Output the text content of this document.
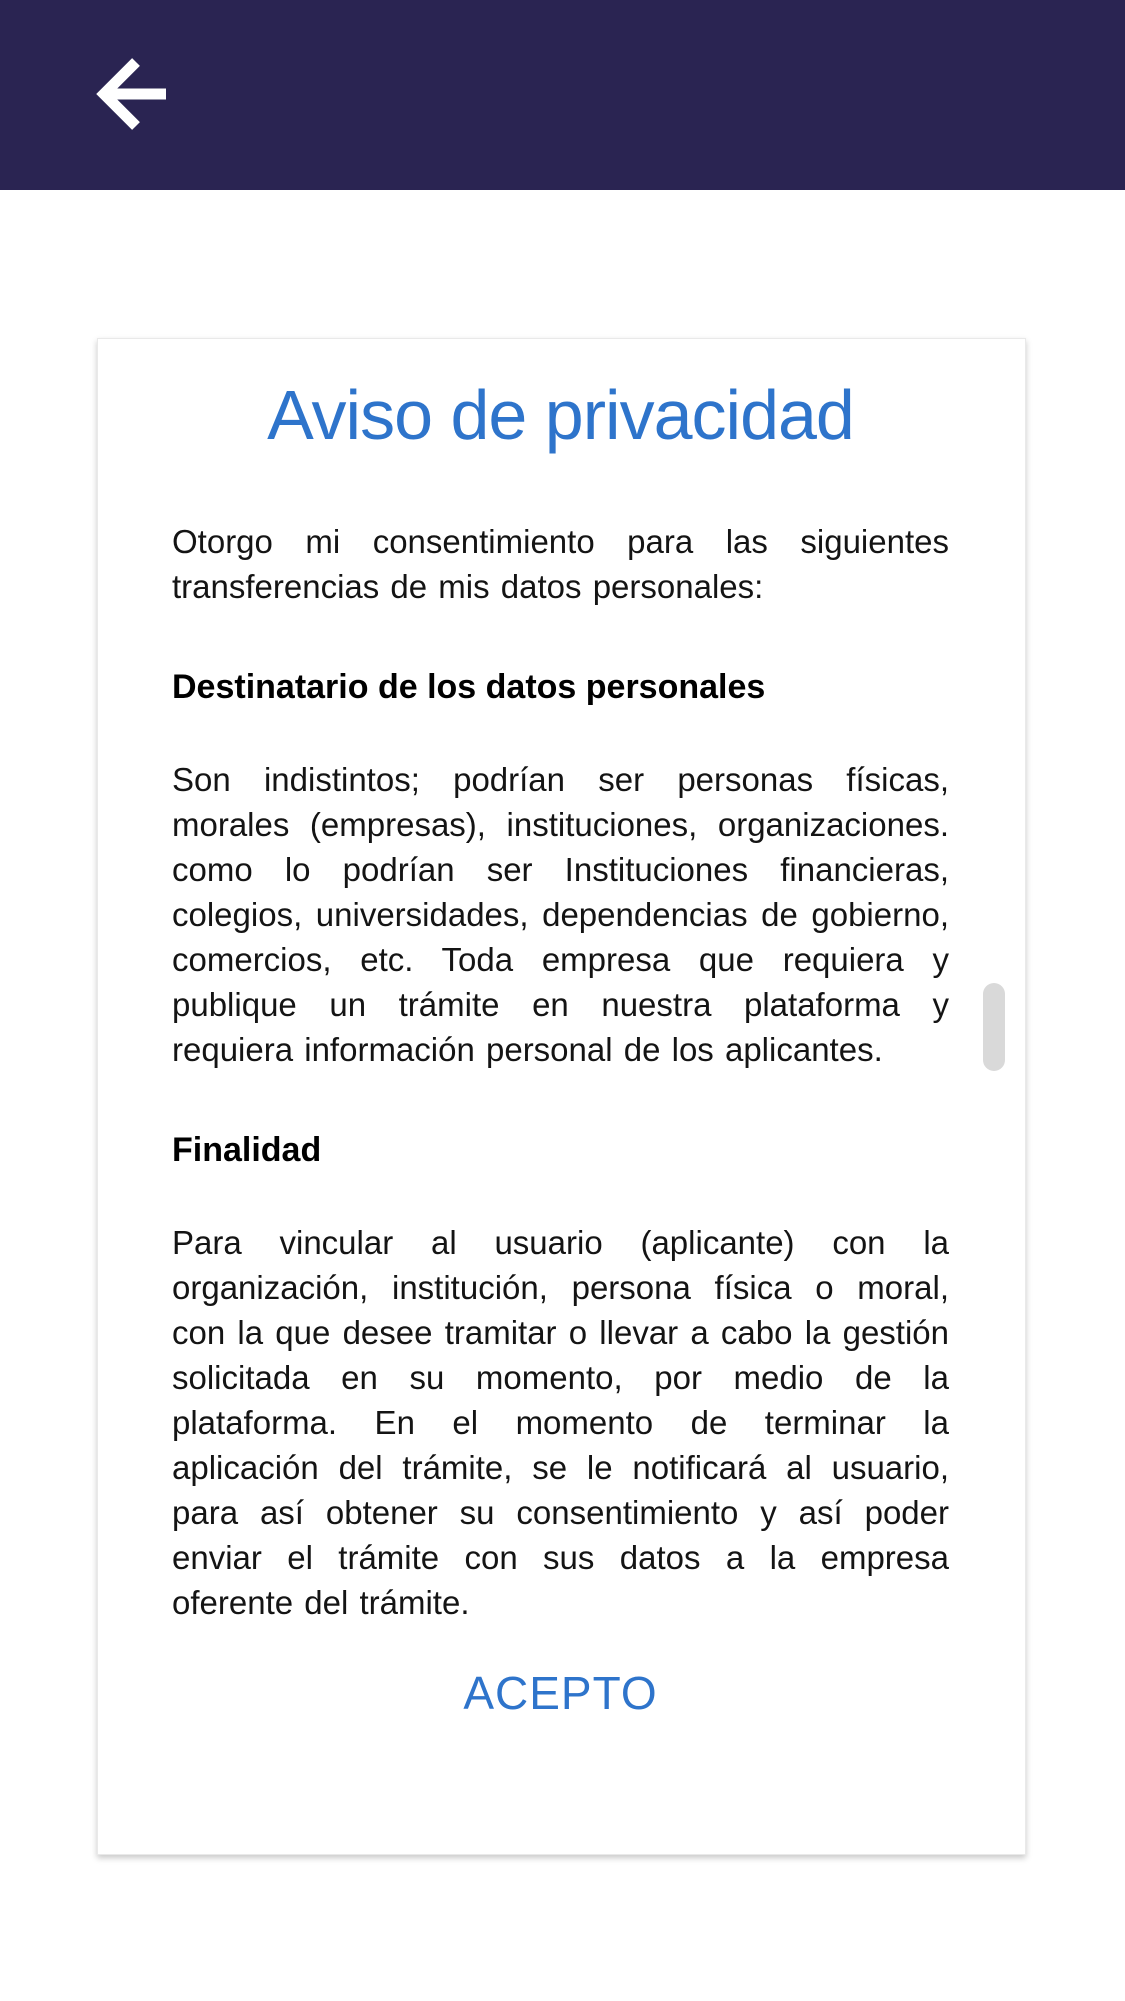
Aviso de privacidad

Otorgo mi consentimiento para las siguientes transferencias de mis datos personales:

Destinatario de los datos personales

Son indistintos; podrían ser personas físicas, morales (empresas), instituciones, organizaciones. como lo podrían ser Instituciones financieras, colegios, universidades, dependencias de gobierno, comercios, etc. Toda empresa que requiera y publique un trámite en nuestra plataforma y requiera información personal de los aplicantes.

Finalidad

Para vincular al usuario (aplicante) con la organización, institución, persona física o moral, con la que desee tramitar o llevar a cabo la gestión solicitada en su momento, por medio de la plataforma. En el momento de terminar la aplicación del trámite, se le notificará al usuario, para así obtener su consentimiento y así poder enviar el trámite con sus datos a la empresa oferente del trámite.

ACEPTO
